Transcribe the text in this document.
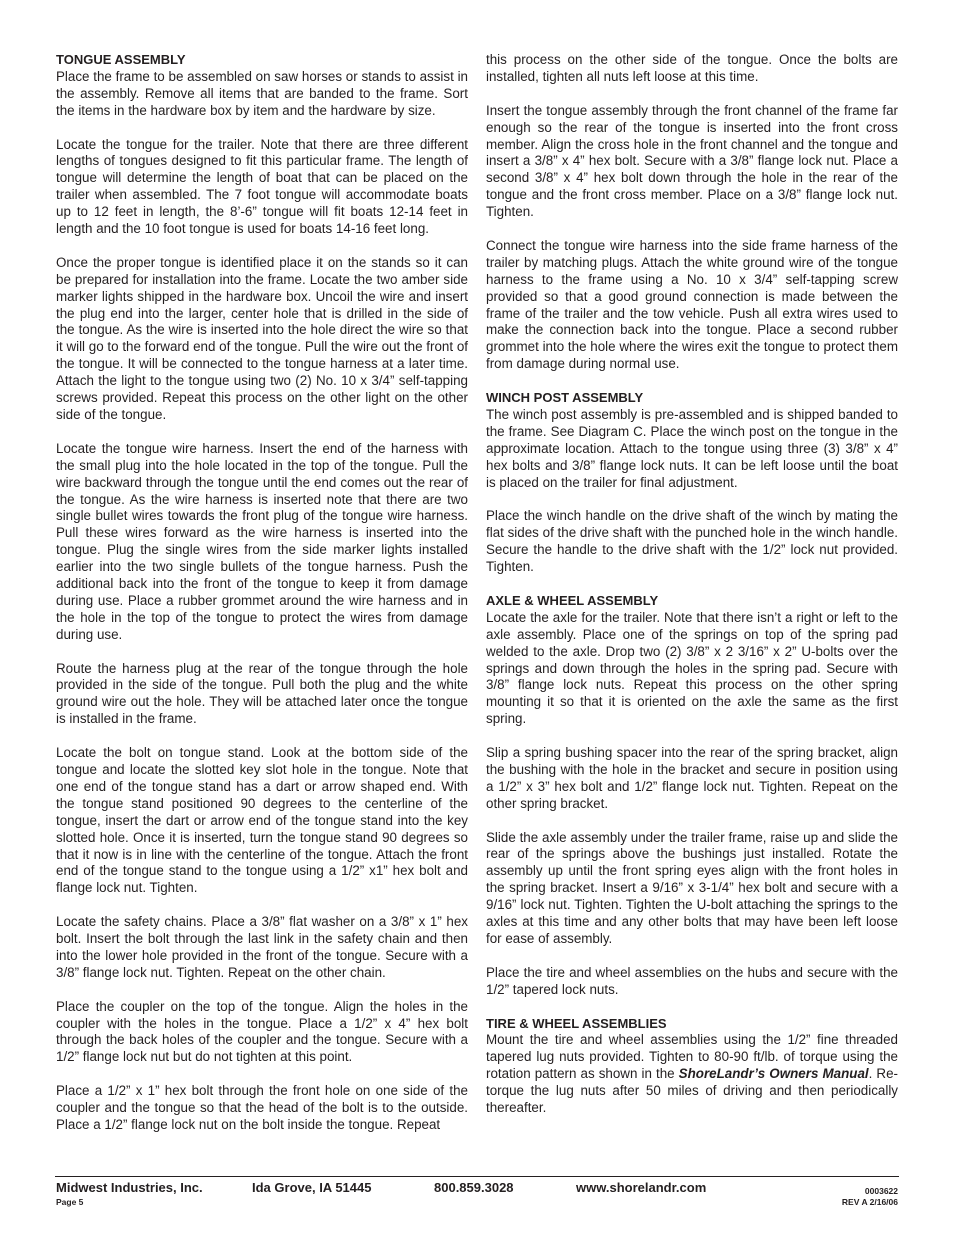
TONGUE ASSEMBLY
Place the frame to be assembled on saw horses or stands to assist in the assembly. Remove all items that are banded to the frame. Sort the items in the hardware box by item and the hardware by size.
Locate the tongue for the trailer. Note that there are three different lengths of tongues designed to fit this particular frame. The length of tongue will determine the length of boat that can be placed on the trailer when assembled. The 7 foot tongue will accommodate boats up to 12 feet in length, the 8’-6” tongue will fit boats 12-14 feet in length and the 10 foot tongue is used for boats 14-16 feet long.
Once the proper tongue is identified place it on the stands so it can be prepared for installation into the frame. Locate the two amber side marker lights shipped in the hardware box. Uncoil the wire and insert the plug end into the larger, center hole that is drilled in the side of the tongue. As the wire is inserted into the hole direct the wire so that it will go to the forward end of the tongue. Pull the wire out the front of the tongue. It will be connected to the tongue harness at a later time. Attach the light to the tongue using two (2) No. 10 x 3/4” self-tapping screws provided. Repeat this process on the other light on the other side of the tongue.
Locate the tongue wire harness. Insert the end of the harness with the small plug into the hole located in the top of the tongue. Pull the wire backward through the tongue until the end comes out the rear of the tongue. As the wire harness is inserted note that there are two single bullet wires towards the front plug of the tongue wire harness. Pull these wires forward as the wire harness is inserted into the tongue. Plug the single wires from the side marker lights installed earlier into the two single bullets of the tongue harness. Push the additional back into the front of the tongue to keep it from damage during use. Place a rubber grommet around the wire harness and in the hole in the top of the tongue to protect the wires from damage during use.
Route the harness plug at the rear of the tongue through the hole provided in the side of the tongue. Pull both the plug and the white ground wire out the hole. They will be attached later once the tongue is installed in the frame.
Locate the bolt on tongue stand. Look at the bottom side of the tongue and locate the slotted key slot hole in the tongue. Note that one end of the tongue stand has a dart or arrow shaped end. With the tongue stand positioned 90 degrees to the centerline of the tongue, insert the dart or arrow end of the tongue stand into the key slotted hole. Once it is inserted, turn the tongue stand 90 degrees so that it now is in line with the centerline of the tongue. Attach the front end of the tongue stand to the tongue using a 1/2” x1” hex bolt and flange lock nut. Tighten.
Locate the safety chains. Place a 3/8” flat washer on a 3/8” x 1” hex bolt. Insert the bolt through the last link in the safety chain and then into the lower hole provided in the front of the tongue. Secure with a 3/8” flange lock nut. Tighten. Repeat on the other chain.
Place the coupler on the top of the tongue. Align the holes in the coupler with the holes in the tongue. Place a 1/2” x 4” hex bolt through the back holes of the coupler and the tongue. Secure with a 1/2” flange lock nut but do not tighten at this point.
Place a 1/2” x 1” hex bolt through the front hole on one side of the coupler and the tongue so that the head of the bolt is to the outside. Place a 1/2” flange lock nut on the bolt inside the tongue. Repeat
this process on the other side of the tongue. Once the bolts are installed, tighten all nuts left loose at this time.
Insert the tongue assembly through the front channel of the frame far enough so the rear of the tongue is inserted into the front cross member. Align the cross hole in the front channel and the tongue and insert a 3/8” x 4” hex bolt. Secure with a 3/8” flange lock nut. Place a second 3/8” x 4” hex bolt down through the hole in the rear of the tongue and the front cross member. Place on a 3/8” flange lock nut. Tighten.
Connect the tongue wire harness into the side frame harness of the trailer by matching plugs. Attach the white ground wire of the tongue harness to the frame using a No. 10 x 3/4” self-tapping screw provided so that a good ground connection is made between the frame of the trailer and the tow vehicle. Push all extra wires used to make the connection back into the tongue. Place a second rubber grommet into the hole where the wires exit the tongue to protect them from damage during normal use.
WINCH POST ASSEMBLY
The winch post assembly is pre-assembled and is shipped banded to the frame. See Diagram C. Place the winch post on the tongue in the approximate location. Attach to the tongue using three (3) 3/8” x 4” hex bolts and 3/8” flange lock nuts. It can be left loose until the boat is placed on the trailer for final adjustment.
Place the winch handle on the drive shaft of the winch by mating the flat sides of the drive shaft with the punched hole in the winch handle. Secure the handle to the drive shaft with the 1/2” lock nut provided. Tighten.
AXLE & WHEEL ASSEMBLY
Locate the axle for the trailer. Note that there isn’t a right or left to the axle assembly. Place one of the springs on top of the spring pad welded to the axle. Drop two (2) 3/8” x 2 3/16” x 2” U-bolts over the springs and down through the holes in the spring pad. Secure with 3/8” flange lock nuts. Repeat this process on the other spring mounting it so that it is oriented on the axle the same as the first spring.
Slip a spring bushing spacer into the rear of the spring bracket, align the bushing with the hole in the bracket and secure in position using a 1/2” x 3” hex bolt and 1/2” flange lock nut. Tighten. Repeat on the other spring bracket.
Slide the axle assembly under the trailer frame, raise up and slide the rear of the springs above the bushings just installed. Rotate the assembly up until the front spring eyes align with the front holes in the spring bracket. Insert a 9/16” x 3-1/4” hex bolt and secure with a 9/16” lock nut. Tighten. Tighten the U-bolt attaching the springs to the axles at this time and any other bolts that may have been left loose for ease of assembly.
Place the tire and wheel assemblies on the hubs and secure with the 1/2” tapered lock nuts.
TIRE & WHEEL ASSEMBLIES
Mount the tire and wheel assemblies using the 1/2” fine threaded tapered lug nuts provided. Tighten to 80-90 ft/lb. of torque using the rotation pattern as shown in the ShoreLandr’s Owners Manual. Re-torque the lug nuts after 50 miles of driving and then periodically thereafter.
Midwest Industries, Inc.	Ida Grove, IA 51445	800.859.3028	www.shorelandr.com
Page 5
0003622
REV A 2/16/06
